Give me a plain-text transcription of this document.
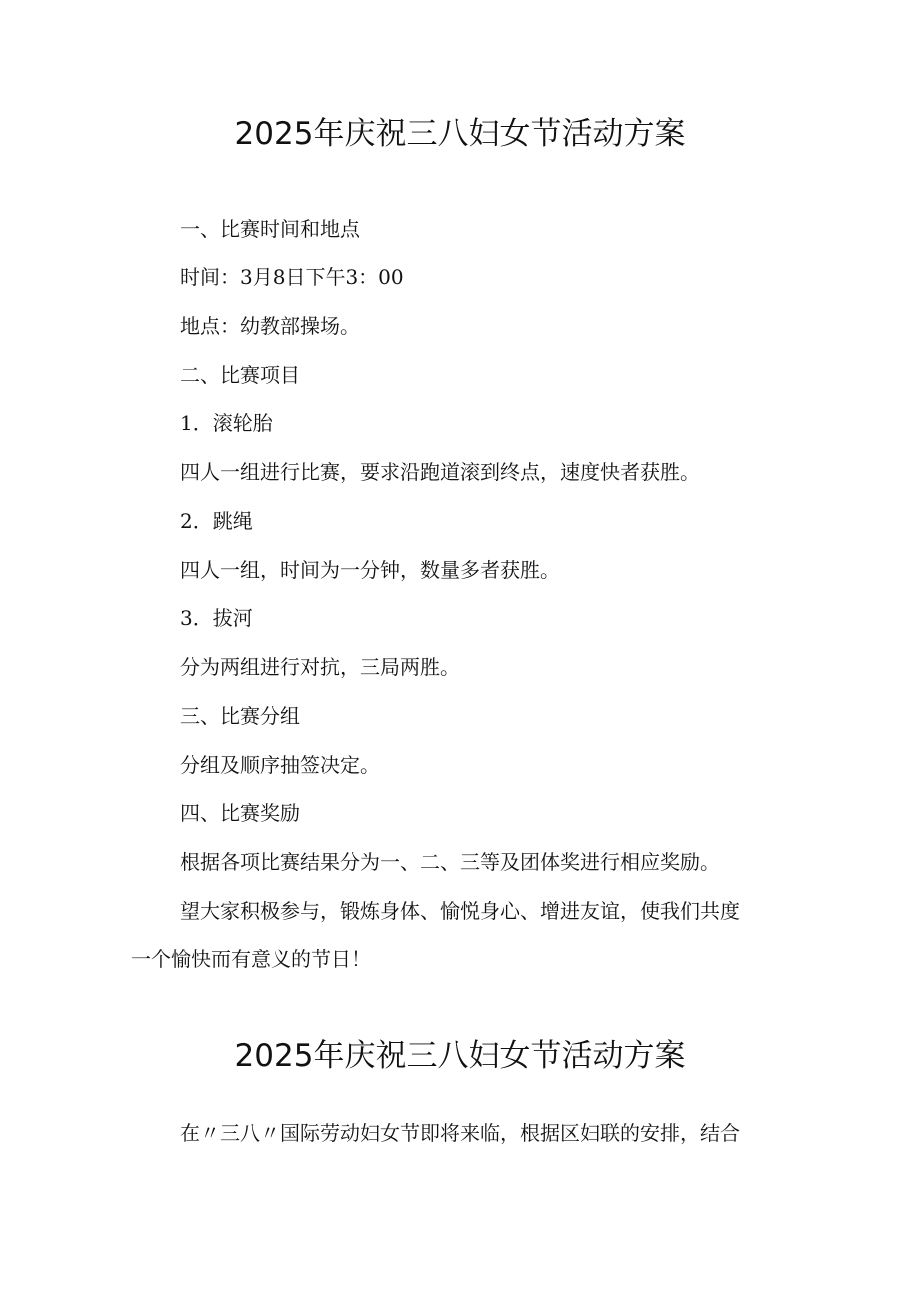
2025年庆祝三八妇女节活动方案

一、比赛时间和地点

时间：3月8日下午3：00

地点：幼教部操场。

二、比赛项目

1．滚轮胎

四人一组进行比赛，要求沿跑道滚到终点，速度快者获胜。

2．跳绳

四人一组，时间为一分钟，数量多者获胜。

3．拔河

分为两组进行对抗，三局两胜。

三、比赛分组

分组及顺序抽签决定。

四、比赛奖励

根据各项比赛结果分为一、二、三等及团体奖进行相应奖励。

望大家积极参与，锻炼身体、愉悦身心、增进友谊，使我们共度

一个愉快而有意义的节日！

2025年庆祝三八妇女节活动方案

在〃三八〃国际劳动妇女节即将来临，根据区妇联的安排，结合
